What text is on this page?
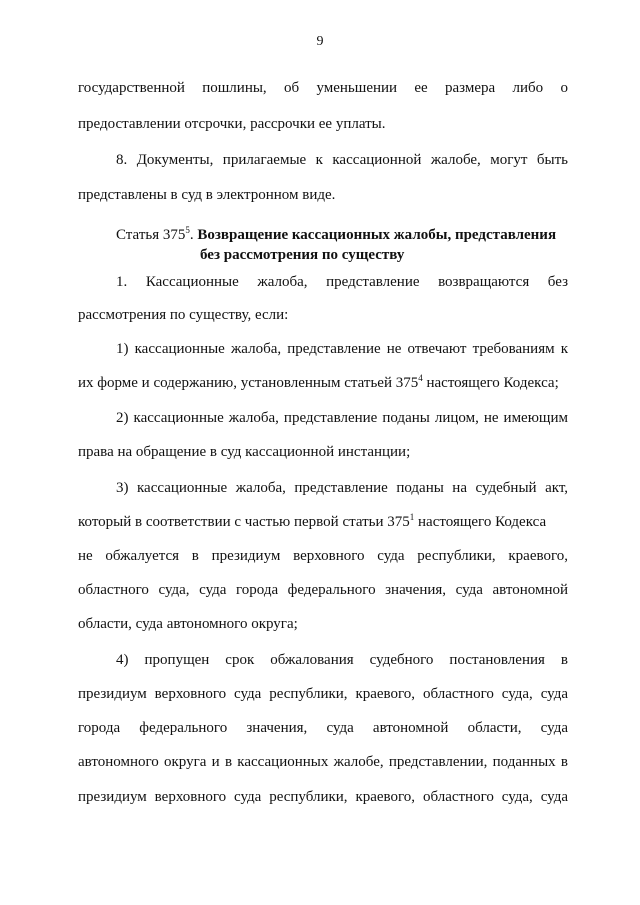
9
государственной пошлины, об уменьшении ее размера либо о
предоставлении отсрочки, рассрочки ее уплаты.
8. Документы, прилагаемые к кассационной жалобе, могут быть
представлены в суд в электронном виде.
Статья $375^5$. Возвращение кассационных жалобы, представления
без рассмотрения по существу
1. Кассационные жалоба, представление возвращаются без
рассмотрения по существу, если:
1) кассационные жалоба, представление не отвечают требованиям к
их форме и содержанию, установленным статьей $375^4$ настоящего Кодекса;
2) кассационные жалоба, представление поданы лицом, не имеющим
права на обращение в суд кассационной инстанции;
3) кассационные жалоба, представление поданы на судебный акт,
который в соответствии с частью первой статьи $375^1$ настоящего Кодекса
не обжалуется в президиум верховного суда республики, краевого,
областного суда, суда города федерального значения, суда автономной
области, суда автономного округа;
4) пропущен срок обжалования судебного постановления в
президиум верховного суда республики, краевого, областного суда, суда
города федерального значения, суда автономной области, суда
автономного округа и в кассационных жалобе, представлении, поданных в
президиум верховного суда республики, краевого, областного суда, суда
